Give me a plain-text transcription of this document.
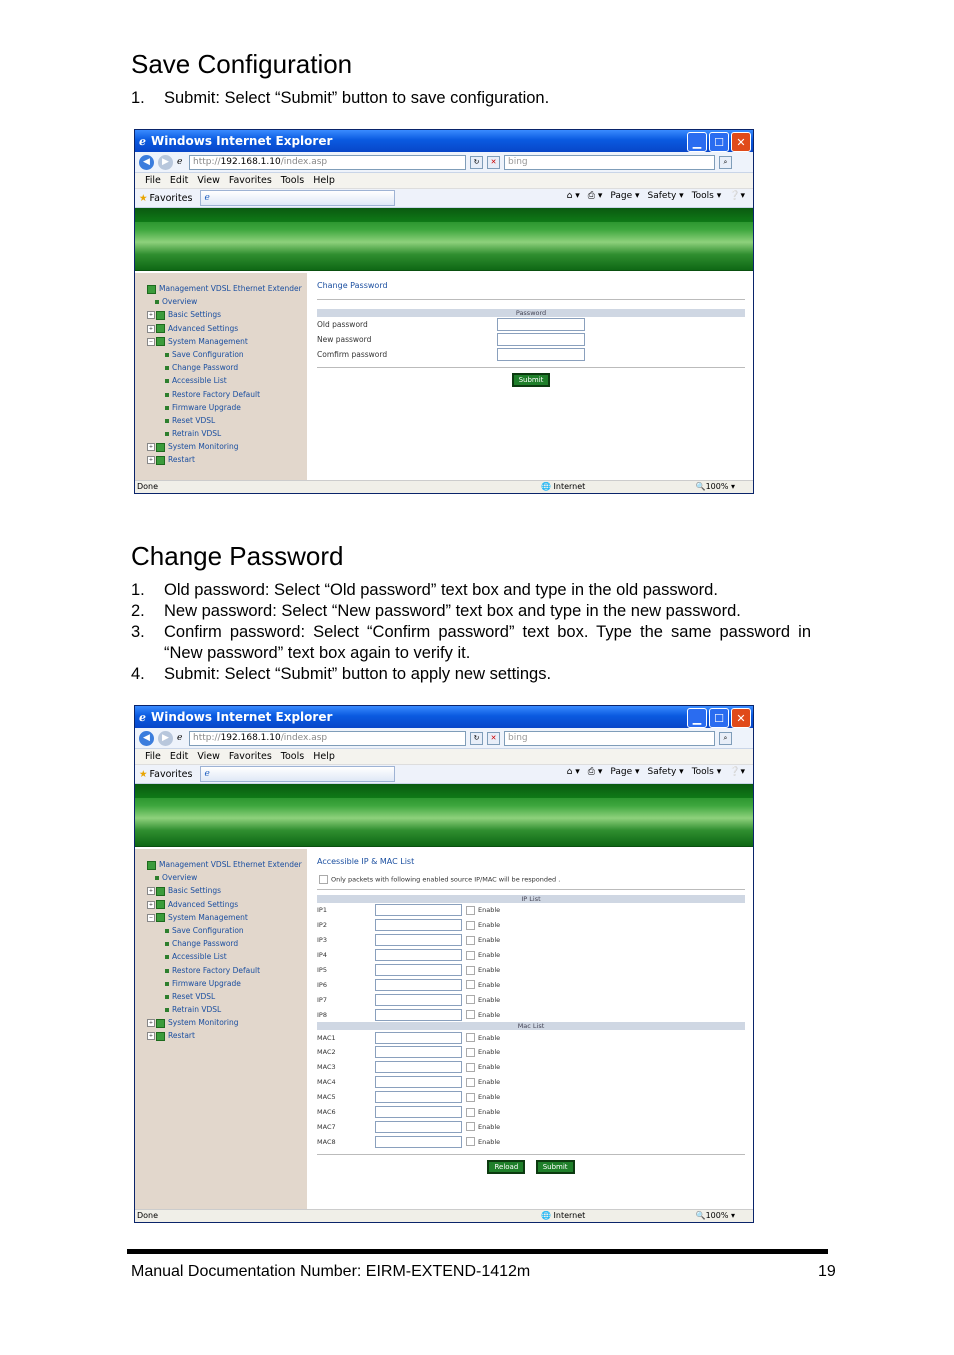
Save Configuration
1.	Submit: Select “Submit” button to save configuration.
ℯ Windows Internet Explorer	▁	☐	✕
◀	▶ ℯ	http://192.168.1.10/index.asp	↻	✕	bing	⌕
File Edit View Favorites Tools Help
★ Favorites	ℯ	⌂ ▾ ⎙ ▾ Page ▾ Safety ▾ Tools ▾ ❔▾
Management VDSL Ethernet Extender
Overview
+ Basic Settings
+ Advanced Settings
− System Management
Save Configuration
Change Password
Accessible List
Restore Factory Default
Firmware Upgrade
Reset VDSL
Retrain VDSL
+ System Monitoring
+ Restart
Change Password
Password
Old password
New password
Comfirm password
Submit
Done	🌐 Internet	🔍100% ▾
Change Password
1.	Old password: Select “Old password” text box and type in the old password.
2.	New password: Select “New password” text box and type in the new password.
3.	Confirm password: Select “Confirm password” text box. Type the same password in “New password” text box again to verify it.
4.	Submit: Select “Submit” button to apply new settings.
ℯ Windows Internet Explorer	▁	☐	✕
◀	▶ ℯ	http://192.168.1.10/index.asp	↻	✕	bing	⌕
File Edit View Favorites Tools Help
★ Favorites	ℯ	⌂ ▾ ⎙ ▾ Page ▾ Safety ▾ Tools ▾ ❔▾
Management VDSL Ethernet Extender
Overview
+ Basic Settings
+ Advanced Settings
− System Management
Save Configuration
Change Password
Accessible List
Restore Factory Default
Firmware Upgrade
Reset VDSL
Retrain VDSL
+ System Monitoring
+ Restart
Accessible IP & MAC List
Only packets with following enabled source IP/MAC will be responded .
IP List
IP1	Enable
IP2	Enable
IP3	Enable
IP4	Enable
IP5	Enable
IP6	Enable
IP7	Enable
IP8	Enable
Mac List
MAC1	Enable
MAC2	Enable
MAC3	Enable
MAC4	Enable
MAC5	Enable
MAC6	Enable
MAC7	Enable
MAC8	Enable
Reload	Submit
Done	🌐 Internet	🔍100% ▾
Manual Documentation Number: EIRM-EXTEND-1412m	19
